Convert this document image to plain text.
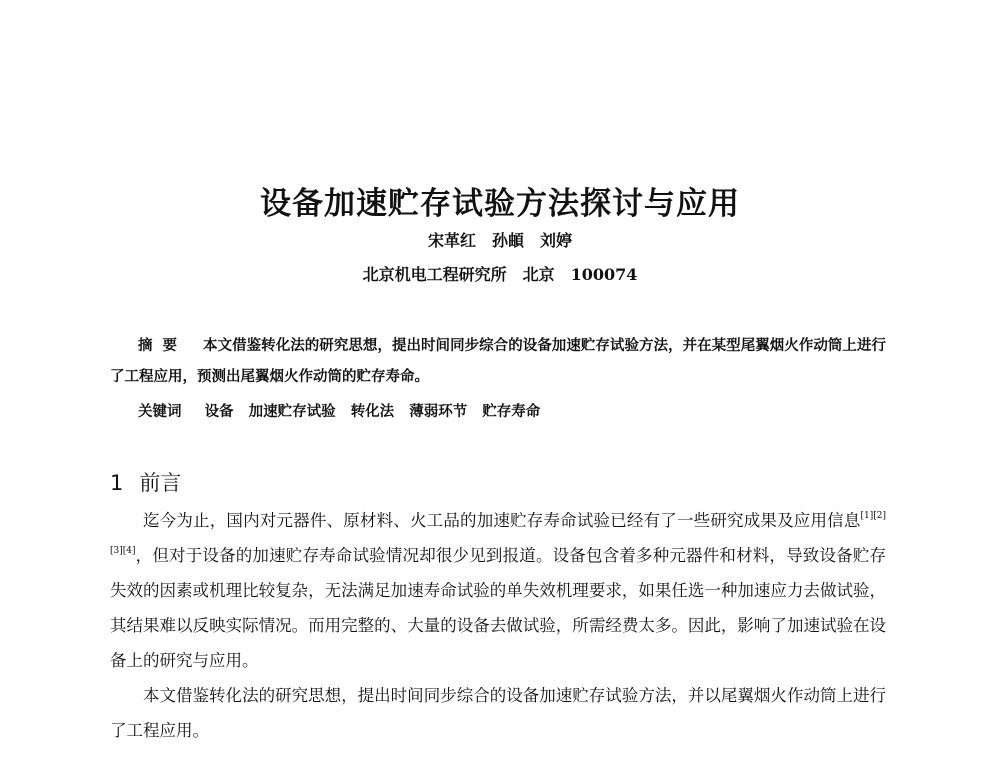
设备加速贮存试验方法探讨与应用
宋革红　孙頔　刘婷
北京机电工程研究所　北京　100074
摘要 本文借鉴转化法的研究思想，提出时间同步综合的设备加速贮存试验方法，并在某型尾翼烟火作动筒上进行了工程应用，预测出尾翼烟火作动筒的贮存寿命。
关键词 设备 加速贮存试验 转化法 薄弱环节 贮存寿命
1 前言

迄今为止，国内对元器件、原材料、火工品的加速贮存寿命试验已经有了一些研究成果及应用信息[1][2][3][4]，但对于设备的加速贮存寿命试验情况却很少见到报道。设备包含着多种元器件和材料，导致设备贮存失效的因素或机理比较复杂，无法满足加速寿命试验的单失效机理要求，如果任选一种加速应力去做试验，其结果难以反映实际情况。而用完整的、大量的设备去做试验，所需经费太多。因此，影响了加速试验在设备上的研究与应用。

本文借鉴转化法的研究思想，提出时间同步综合的设备加速贮存试验方法，并以尾翼烟火作动筒上进行了工程应用。
